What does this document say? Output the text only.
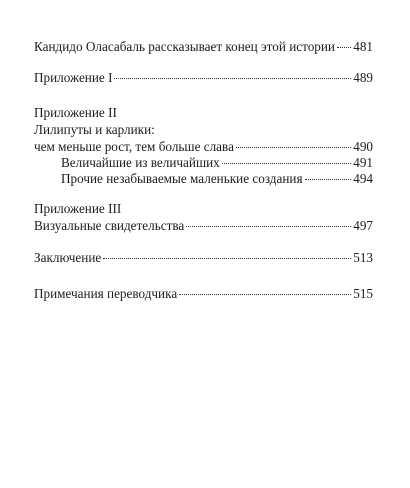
Кандидо Оласабаль рассказывает конец этой истории 481
Приложение I	489
Приложение II
Лилипуты и карлики:
чем меньше рост, тем больше слава	490
Величайшие из величайших	491
Прочие незабываемые маленькие создания	494
Приложение III
Визуальные свидетельства	497
Заключение	513
Примечания переводчика	515
